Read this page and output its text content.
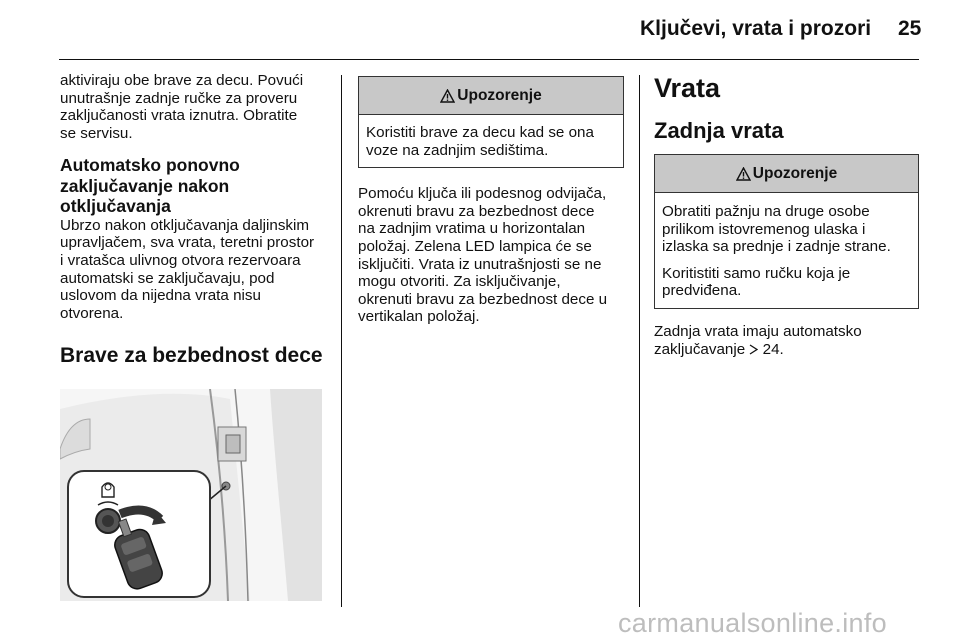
Ključevi, vrata i prozori 25

aktiviraju obe brave za decu. Povući
unutrašnje zadnje ručke za proveru
zaključanosti vrata iznutra. Obratite
se servisu.

Automatsko ponovno
zaključavanje nakon
otključavanja

Ubrzo nakon otključavanja daljinskim
upravljačem, sva vrata, teretni prostor
i vratašca ulivnog otvora rezervoara
automatski se zaključavaju, pod
uslovom da nijedna vrata nisu
otvorena.

Brave za bezbednost dece
Upozorenje

Koristiti brave za decu kad se ona
voze na zadnjim sedištima.

Pomoću ključa ili podesnog odvijača,
okrenuti bravu za bezbednost dece
na zadnjim vratima u horizontalan
položaj. Zelena LED lampica će se
isključiti. Vrata iz unutrašnjosti se ne
mogu otvoriti. Za isključivanje,
okrenuti bravu za bezbednost dece u
vertikalan položaj.

Vrata
Zadnja vrata
Upozorenje

Obratiti pažnju na druge osobe
prilikom istovremenog ulaska i
izlaska sa prednje i zadnje strane.

Koritistiti samo ručku koja je
predviđena.

Zadnja vrata imaju automatsko
zaključavanje 24.

carmanualsonline.info
